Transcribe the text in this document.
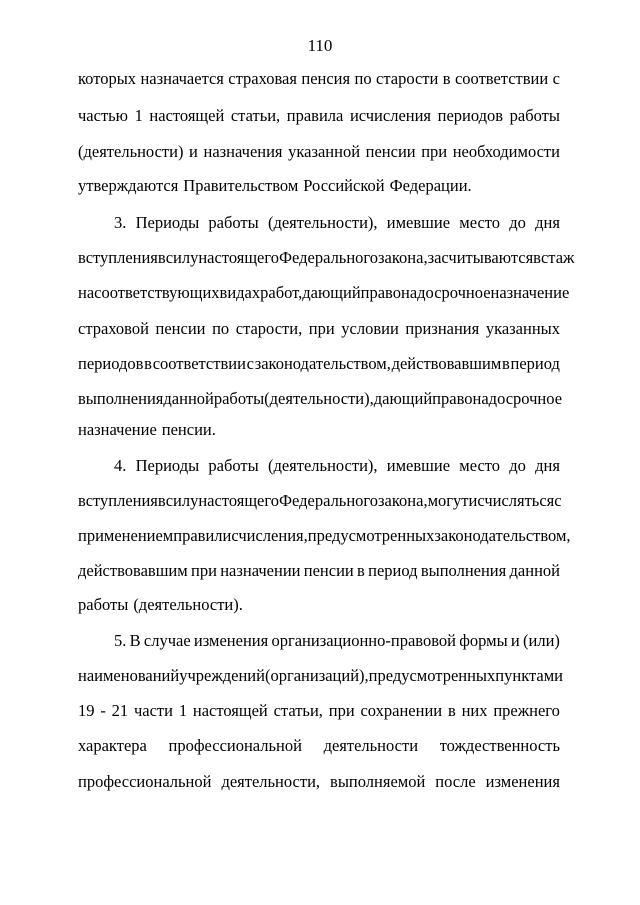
110
которых назначается страховая пенсия по старости в соответствии с
частью 1 настоящей статьи, правила исчисления периодов работы
(деятельности) и назначения указанной пенсии при необходимости
утверждаются Правительством Российской Федерации.
3. Периоды работы (деятельности), имевшие место до дня
вступления в силу настоящего Федерального закона, засчитываются в стаж
на соответствующих видах работ, дающий право на досрочное назначение
страховой пенсии по старости, при условии признания указанных
периодов в соответствии с законодательством, действовавшим в период
выполнения данной работы (деятельности), дающий право на досрочное
назначение пенсии.
4. Периоды работы (деятельности), имевшие место до дня
вступления в силу настоящего Федерального закона, могут исчисляться с
применением правил исчисления, предусмотренных законодательством,
действовавшим при назначении пенсии в период выполнения данной
работы (деятельности).
5. В случае изменения организационно-правовой формы и (или)
наименований учреждений (организаций), предусмотренных пунктами
19 - 21 части 1 настоящей статьи, при сохранении в них прежнего
характера профессиональной деятельности тождественность
профессиональной деятельности, выполняемой после изменения
